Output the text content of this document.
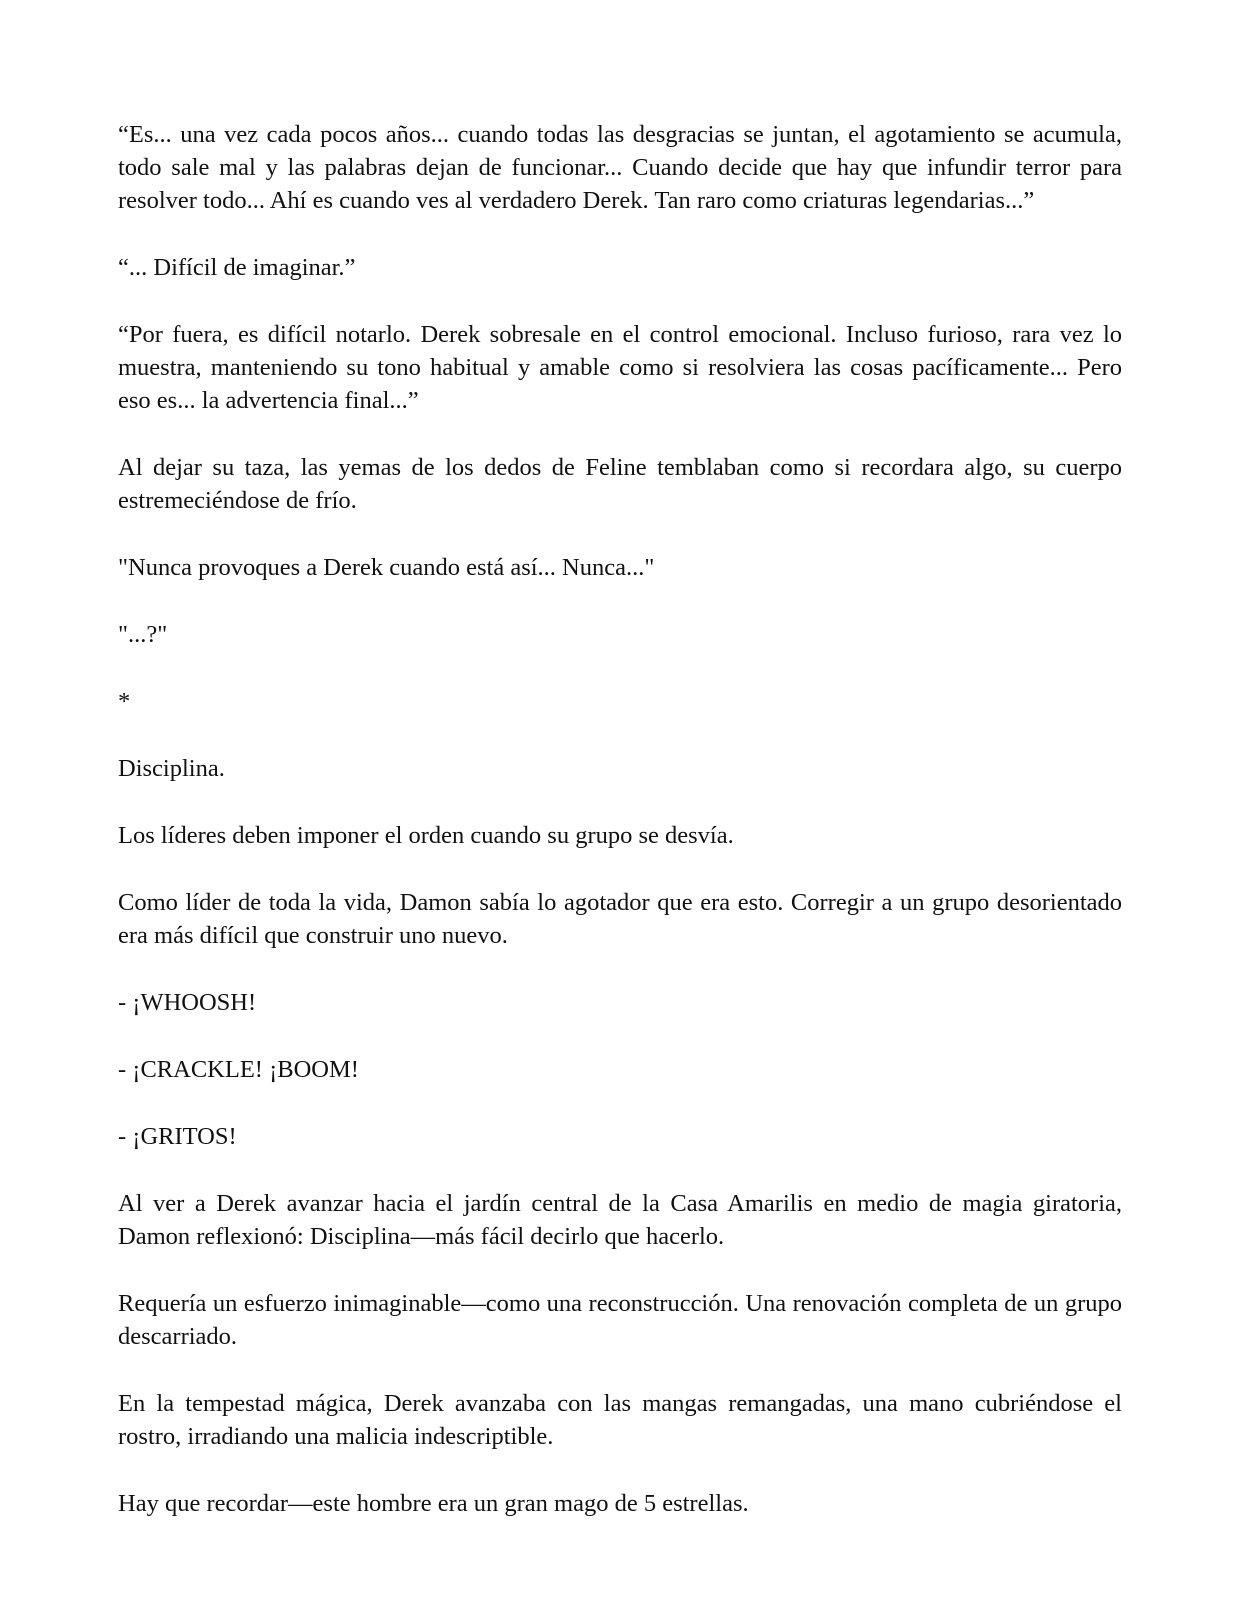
“Es... una vez cada pocos años... cuando todas las desgracias se juntan, el agotamiento se acumula, todo sale mal y las palabras dejan de funcionar... Cuando decide que hay que infundir terror para resolver todo... Ahí es cuando ves al verdadero Derek. Tan raro como criaturas legendarias...”

“... Difícil de imaginar.”

“Por fuera, es difícil notarlo. Derek sobresale en el control emocional. Incluso furioso, rara vez lo muestra, manteniendo su tono habitual y amable como si resolviera las cosas pacíficamente... Pero eso es... la advertencia final...”

Al dejar su taza, las yemas de los dedos de Feline temblaban como si recordara algo, su cuerpo estremeciéndose de frío.

"Nunca provoques a Derek cuando está así... Nunca..."

"...?"

*

Disciplina.

Los líderes deben imponer el orden cuando su grupo se desvía.

Como líder de toda la vida, Damon sabía lo agotador que era esto. Corregir a un grupo desorientado era más difícil que construir uno nuevo.

- ¡WHOOSH!

- ¡CRACKLE! ¡BOOM!

- ¡GRITOS!

Al ver a Derek avanzar hacia el jardín central de la Casa Amarilis en medio de magia giratoria, Damon reflexionó: Disciplina—más fácil decirlo que hacerlo.

Requería un esfuerzo inimaginable—como una reconstrucción. Una renovación completa de un grupo descarriado.

En la tempestad mágica, Derek avanzaba con las mangas remangadas, una mano cubriéndose el rostro, irradiando una malicia indescriptible.

Hay que recordar—este hombre era un gran mago de 5 estrellas.
